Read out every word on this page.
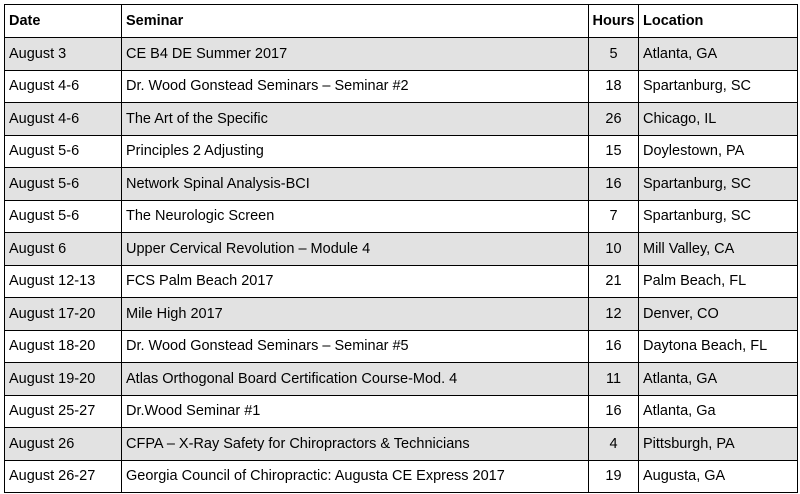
Date	Seminar	Hours	Location
August 3	CE B4 DE Summer 2017	5	Atlanta, GA
August 4-6	Dr. Wood Gonstead Seminars – Seminar #2	18	Spartanburg, SC
August 4-6	The Art of the Specific	26	Chicago, IL
August 5-6	Principles 2 Adjusting	15	Doylestown, PA
August 5-6	Network Spinal Analysis-BCI	16	Spartanburg, SC
August 5-6	The Neurologic Screen	7	Spartanburg, SC
August 6	Upper Cervical Revolution – Module 4	10	Mill Valley, CA
August 12-13	FCS Palm Beach 2017	21	Palm Beach, FL
August 17-20	Mile High 2017	12	Denver, CO
August 18-20	Dr. Wood Gonstead Seminars – Seminar #5	16	Daytona Beach, FL
August 19-20	Atlas Orthogonal Board Certification Course-Mod. 4	11	Atlanta, GA
August 25-27	Dr.Wood Seminar #1	16	Atlanta, Ga
August 26	CFPA – X-Ray Safety for Chiropractors & Technicians	4	Pittsburgh, PA
August 26-27	Georgia Council of Chiropractic: Augusta CE Express 2017	19	Augusta, GA
